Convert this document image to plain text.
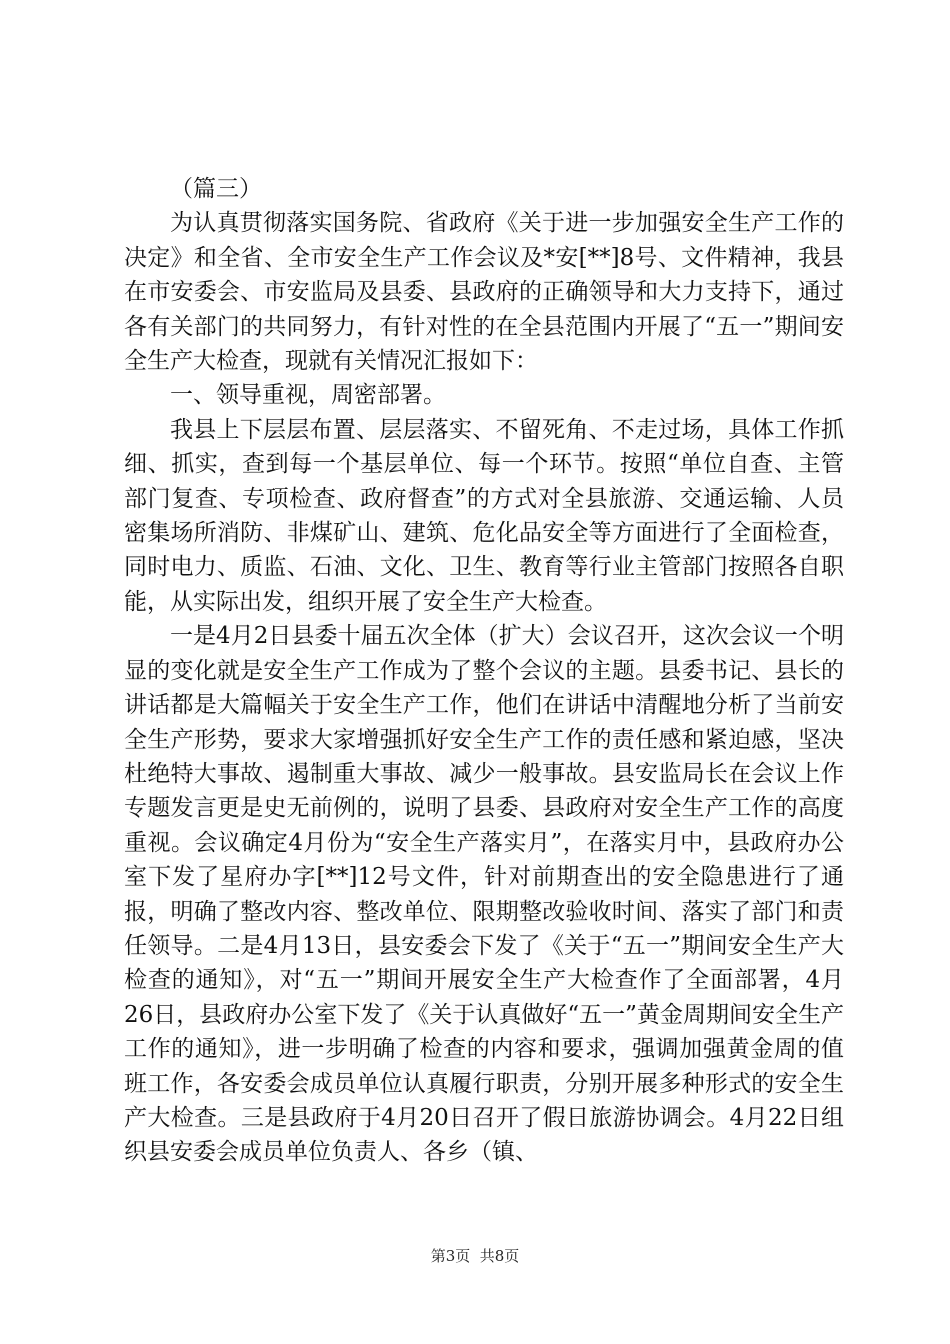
（篇三）

为认真贯彻落实国务院、省政府《关于进一步加强安全生产工作的决定》和全省、全市安全生产工作会议及*安[**]8号、文件精神，我县在市安委会、市安监局及县委、县政府的正确领导和大力支持下，通过各有关部门的共同努力，有针对性的在全县范围内开展了“五一”期间安全生产大检查，现就有关情况汇报如下：

一、领导重视，周密部署。

我县上下层层布置、层层落实、不留死角、不走过场，具体工作抓细、抓实，查到每一个基层单位、每一个环节。按照“单位自查、主管部门复查、专项检查、政府督查”的方式对全县旅游、交通运输、人员密集场所消防、非煤矿山、建筑、危化品安全等方面进行了全面检查，同时电力、质监、石油、文化、卫生、教育等行业主管部门按照各自职能，从实际出发，组织开展了安全生产大检查。

一是4月2日县委十届五次全体（扩大）会议召开，这次会议一个明显的变化就是安全生产工作成为了整个会议的主题。县委书记、县长的讲话都是大篇幅关于安全生产工作，他们在讲话中清醒地分析了当前安全生产形势，要求大家增强抓好安全生产工作的责任感和紧迫感，坚决杜绝特大事故、遏制重大事故、减少一般事故。县安监局长在会议上作专题发言更是史无前例的，说明了县委、县政府对安全生产工作的高度重视。会议确定4月份为“安全生产落实月”，在落实月中，县政府办公室下发了星府办字[**]12号文件，针对前期查出的安全隐患进行了通报，明确了整改内容、整改单位、限期整改验收时间、落实了部门和责任领导。二是4月13日，县安委会下发了《关于“五一”期间安全生产大检查的通知》，对“五一”期间开展安全生产大检查作了全面部署，4月26日，县政府办公室下发了《关于认真做好“五一”黄金周期间安全生产工作的通知》，进一步明确了检查的内容和要求，强调加强黄金周的值班工作，各安委会成员单位认真履行职责，分别开展多种形式的安全生产大检查。三是县政府于4月20日召开了假日旅游协调会。4月22日组织县安委会成员单位负责人、各乡（镇、

第3页  共8页
